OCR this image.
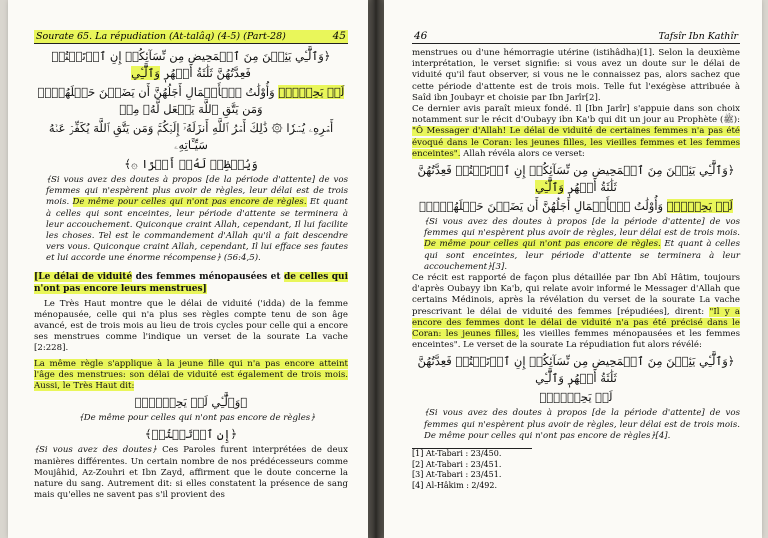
Sourate 65. La répudiation (At-talâq) (4-5) (Part-28)	45
﴿وَٱلَّٰٓـِٔي يَئِسۡنَ مِنَ ٱلۡمَحِيضِ مِن نِّسَآئِكُمۡ إِنِ ٱرۡتَبۡتُمۡ فَعِدَّتُهُنَّ ثَلَٰثَةُ أَشۡهُرٖ وَٱلَّٰٓـِٔي
لَمۡ يَحِضۡنَۚ وَأُوْلَٰتُ ٱلۡأَحۡمَالِ أَجَلُهُنَّ أَن يَضَعۡنَ حَمۡلَهُنَّۚ وَمَن يَتَّقِ ٱللَّهَ يَجۡعَل لَّهُۥ مِنۡ
أَمۡرِهِۦ يُسۡرٗا ۞ ذَٰلِكَ أَمۡرُ ٱللَّهِ أَنزَلَهُۥٓ إِلَيۡكُمۡۚ وَمَن يَتَّقِ ٱللَّهَ يُكَفِّرۡ عَنۡهُ سَيِّـَٔاتِهِۦ
وَيُعۡظِمۡ لَهُۥٓ أَجۡرًا ۞﴾

﴾Si vous avez des doutes à propos [de la période d'attente] de vos femmes qui n'espèrent plus avoir de règles, leur délai est de trois mois. De même pour celles qui n'ont pas encore de règles. Et quant à celles qui sont enceintes, leur période d'attente se terminera à leur accouchement. Quiconque craint Allah, cependant, Il lui facilite les choses. Tel est le commandement d'Allah qu'il a fait descendre vers vous. Quiconque craint Allah, cependant, Il lui efface ses fautes et lui accorde une énorme récompense﴿ (56:4,5).

[Le délai de viduité des femmes ménopausées et de celles qui n'ont pas encore leurs menstrues]

Le Très Haut montre que le délai de viduité ('idda) de la femme ménopausée, celle qui n'a plus ses règles compte tenu de son âge avancé, est de trois mois au lieu de trois cycles pour celle qui a encore ses menstrues comme l'indique un verset de la sourate La vache [2:228].

La même règle s'applique à la jeune fille qui n'a pas encore atteint l'âge des menstrues: son délai de viduité est également de trois mois. Aussi, le Très Haut dit:

﴿وَٱلَّٰٓـِٔي لَمۡ يَحِضۡنَۚ﴾

﴾De même pour celles qui n'ont pas encore de règles﴿

﴿إِنِ ٱرۡتَبۡتُمۡ﴾

﴾Si vous avez des doutes﴿ Ces Paroles furent interprétées de deux manières différentes. Un certain nombre de nos prédécesseurs comme Moujâhid, Az-Zouhri et Ibn Zayd, affirment que le doute concerne la nature du sang. Autrement dit: si elles constatent la présence de sang mais qu'elles ne savent pas s'il provient des

46	Tafsîr Ibn Kathîr

menstrues ou d'une hémorragie utérine (istihâdha)[1]. Selon la deuxième interprétation, le verset signifie: si vous avez un doute sur le délai de viduité qu'il faut observer, si vous ne le connaissez pas, alors sachez que cette période d'attente est de trois mois. Telle fut l'exégèse attribuée à Saîd ibn Joubayr et choisie par Ibn Jarîr[2].

Ce dernier avis paraît mieux fondé. Il [Ibn Jarîr] s'appuie dans son choix notamment sur le récit d'Oubayy ibn Ka'b qui dit un jour au Prophète (ﷺ): "Ô Messager d'Allah! Le délai de viduité de certaines femmes n'a pas été évoqué dans le Coran: les jeunes filles, les vieilles femmes et les femmes enceintes". Allah révéla alors ce verset:

﴿وَٱلَّٰٓـِٔي يَئِسۡنَ مِنَ ٱلۡمَحِيضِ مِن نِّسَآئِكُمۡ إِنِ ٱرۡتَبۡتُمۡ فَعِدَّتُهُنَّ ثَلَٰثَةُ أَشۡهُرٖ وَٱلَّٰٓـِٔي
لَمۡ يَحِضۡنَۚ وَأُوْلَٰتُ ٱلۡأَحۡمَالِ أَجَلُهُنَّ أَن يَضَعۡنَ حَمۡلَهُنَّۚ﴾

﴾Si vous avez des doutes à propos [de la période d'attente] de vos femmes qui n'espèrent plus avoir de règles, leur délai est de trois mois. De même pour celles qui n'ont pas encore de règles. Et quant à celles qui sont enceintes, leur période d'attente se terminera à leur accouchement﴿[3].

Ce récit est rapporté de façon plus détaillée par Ibn Abî Hâtim, toujours d'après Oubayy ibn Ka'b, qui relate avoir informé le Messager d'Allah que certains Médinois, après la révélation du verset de la sourate La vache prescrivant le délai de viduité des femmes [répudiées], dirent: "Il y a encore des femmes dont le délai de viduité n'a pas été précisé dans le Coran: les jeunes filles, les vieilles femmes ménopausées et les femmes enceintes". Le verset de la sourate La répudiation fut alors révélé:

﴿وَٱلَّٰٓـِٔي يَئِسۡنَ مِنَ ٱلۡمَحِيضِ مِن نِّسَآئِكُمۡ إِنِ ٱرۡتَبۡتُمۡ فَعِدَّتُهُنَّ ثَلَٰثَةُ أَشۡهُرٖ وَٱلَّٰٓـِٔي
لَمۡ يَحِضۡنَۚ﴾

﴾Si vous avez des doutes à propos [de la période d'attente] de vos femmes qui n'espèrent plus avoir de règles, leur délai est de trois mois. De même pour celles qui n'ont pas encore de règles﴿[4].

[1] At-Tabari : 23/450.
[2] At-Tabari : 23/451.
[3] At-Tabari : 23/451.
[4] Al-Hâkim : 2/492.
